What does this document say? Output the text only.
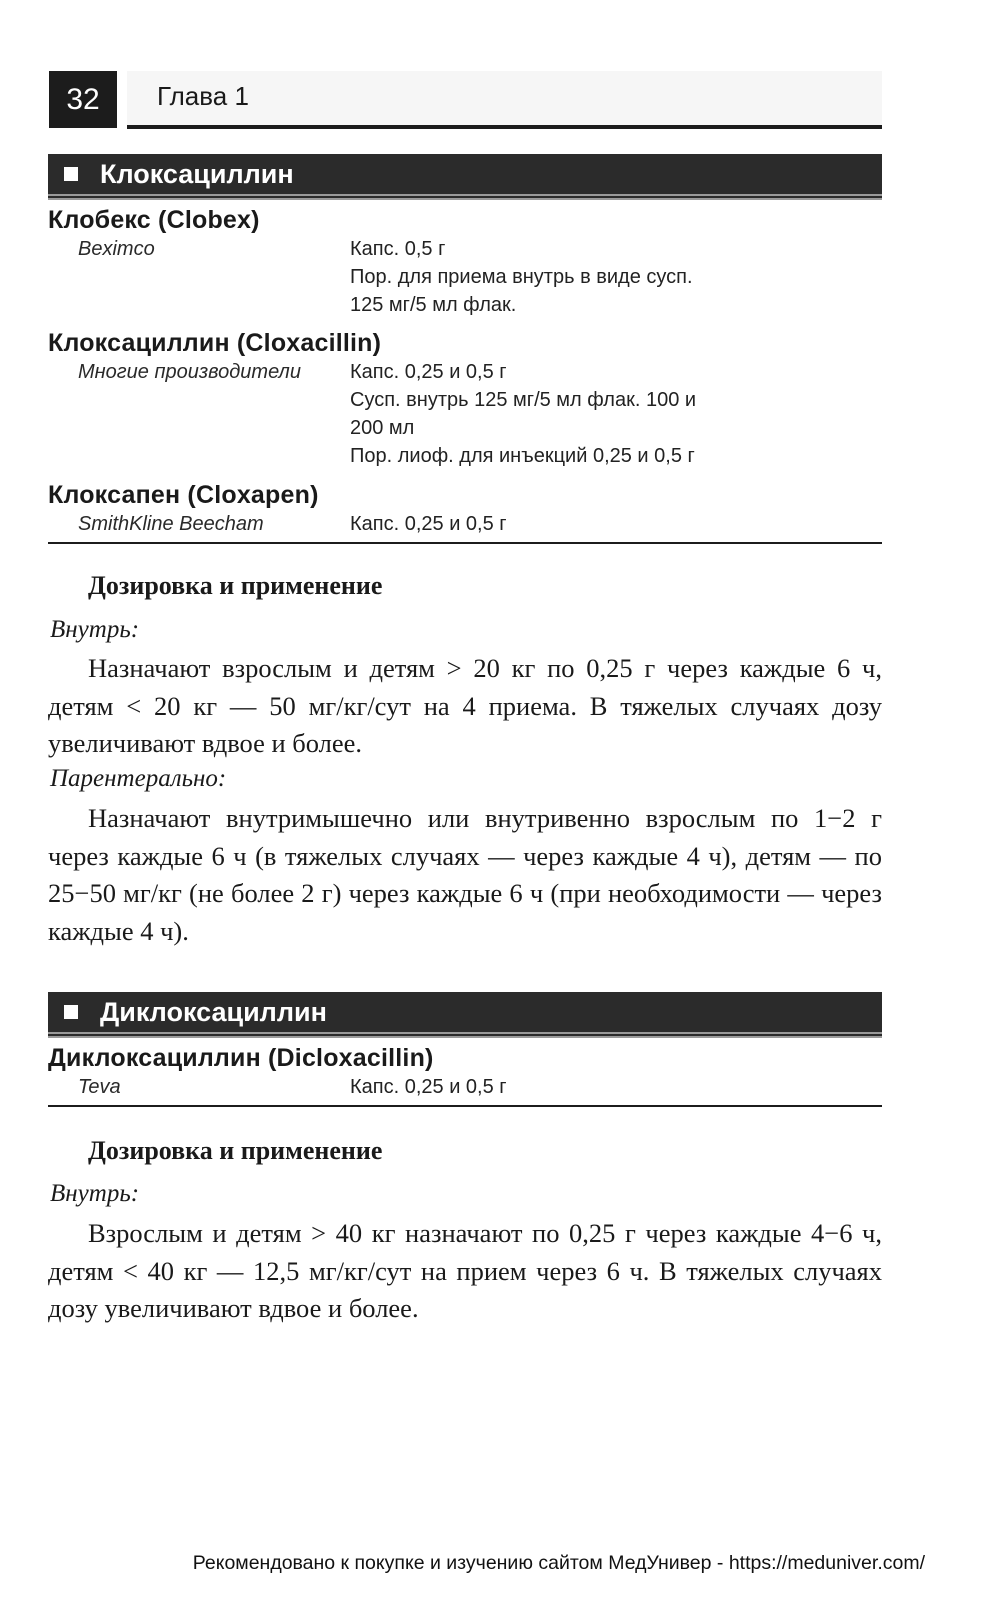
32	Глава 1
Клоксациллин

Клобекс (Clobex)

Beximco	Капс. 0,5 г
Пор. для приема внутрь в виде сусп.
125 мг/5 мл флак.

Клоксациллин (Cloxacillin)

Многие производители	Капс. 0,25 и 0,5 г
Сусп. внутрь 125 мг/5 мл флак. 100 и
200 мл
Пор. лиоф. для инъекций 0,25 и 0,5 г

Клоксапен (Cloxapen)

SmithKline Beecham	Капс. 0,25 и 0,5 г
Дозировка и применение
Внутрь:

Назначают взрослым и детям > 20 кг по 0,25 г через каждые 6 ч, детям < 20 кг — 50 мг/кг/сут на 4 приема. В тяжелых случаях дозу увеличивают вдвое и более.

Парентерально:

Назначают внутримышечно или внутривенно взрослым по 1−2 г через каждые 6 ч (в тяжелых случаях — через каждые 4 ч), детям — по 25−50 мг/кг (не более 2 г) через каждые 6 ч (при необходимости — через каждые 4 ч).

Диклоксациллин

Диклоксациллин (Dicloxacillin)

Teva	Капс. 0,25 и 0,5 г
Дозировка и применение
Внутрь:

Взрослым и детям > 40 кг назначают по 0,25 г через каждые 4−6 ч, детям < 40 кг — 12,5 мг/кг/сут на прием через 6 ч. В тяжелых случаях дозу увеличивают вдвое и более.

Рекомендовано к покупке и изучению сайтом МедУнивер - https://meduniver.com/
